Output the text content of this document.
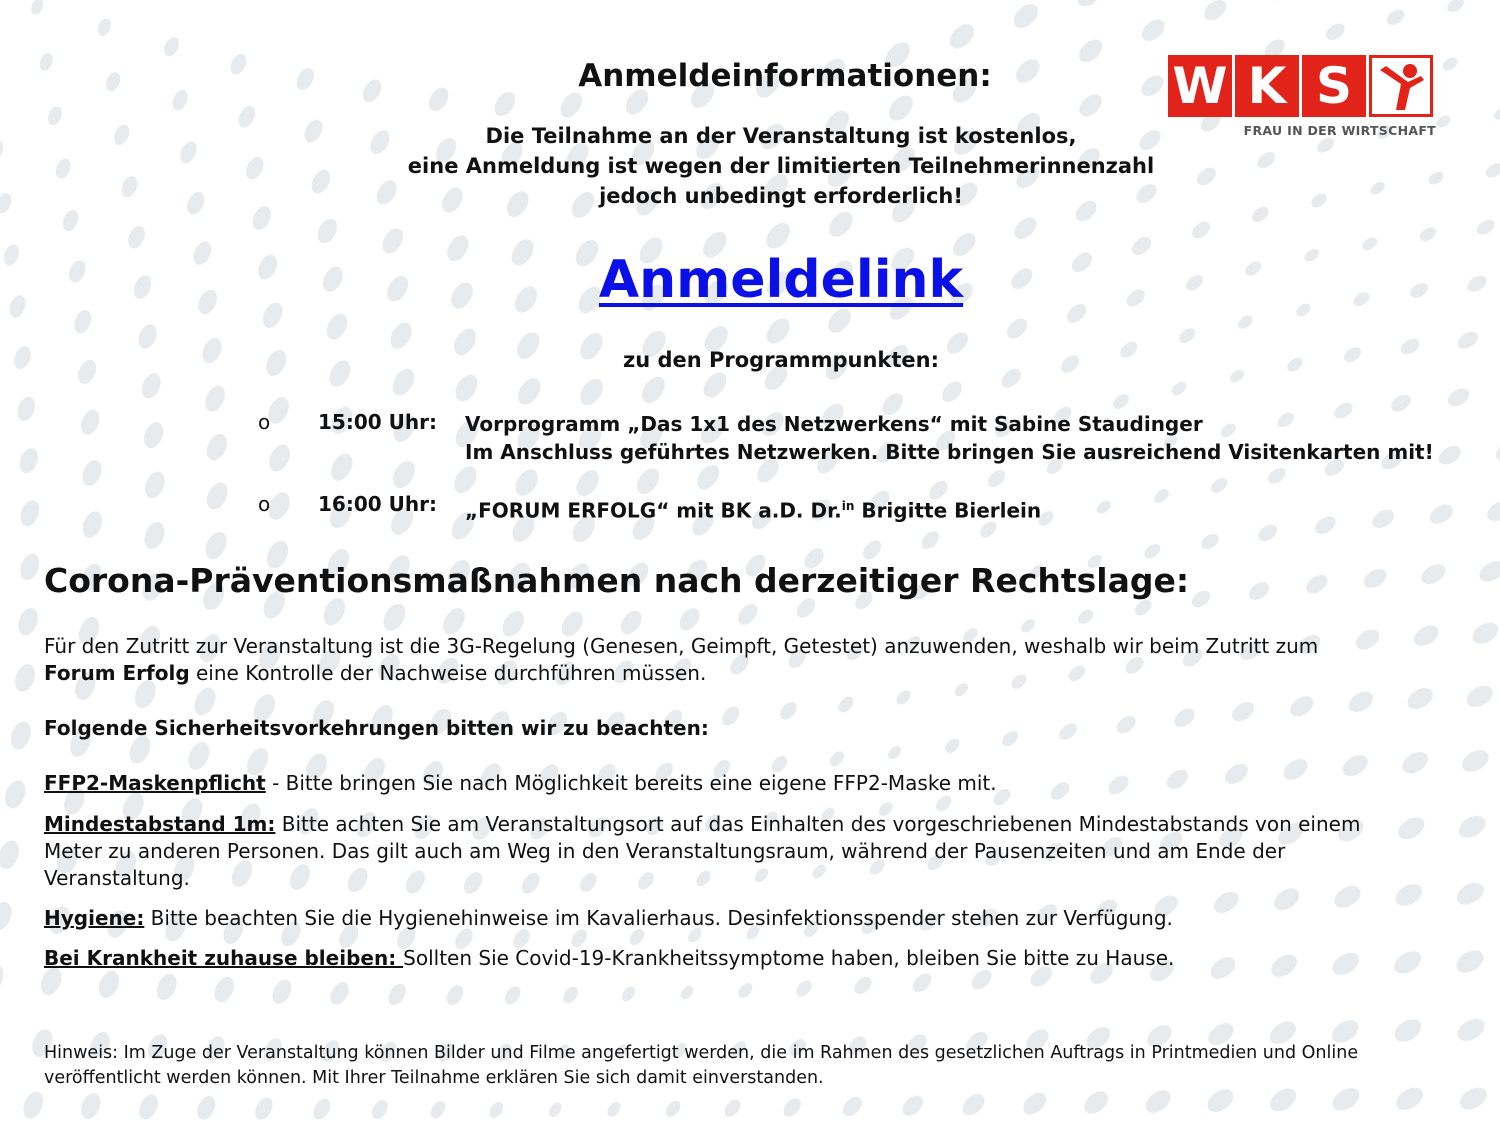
W K S
FRAU IN DER WIRTSCHAFT
Anmeldeinformationen:
Die Teilnahme an der Veranstaltung ist kostenlos,
eine Anmeldung ist wegen der limitierten Teilnehmerinnenzahl
jedoch unbedingt erforderlich!
Anmeldelink
zu den Programmpunkten:
o 15:00 Uhr: Vorprogramm „Das 1x1 des Netzwerkens“ mit Sabine Staudinger
Im Anschluss geführtes Netzwerken. Bitte bringen Sie ausreichend Visitenkarten mit!
o 16:00 Uhr: „FORUM ERFOLG“ mit BK a.D. Dr.$^{in}$ Brigitte Bierlein
Corona-Präventionsmaßnahmen nach derzeitiger Rechtslage:
Für den Zutritt zur Veranstaltung ist die 3G-Regelung (Genesen, Geimpft, Getestet) anzuwenden, weshalb wir beim Zutritt zum
Forum Erfolg eine Kontrolle der Nachweise durchführen müssen.
Folgende Sicherheitsvorkehrungen bitten wir zu beachten:
FFP2-Maskenpflicht - Bitte bringen Sie nach Möglichkeit bereits eine eigene FFP2-Maske mit.
Mindestabstand 1m: Bitte achten Sie am Veranstaltungsort auf das Einhalten des vorgeschriebenen Mindestabstands von einem Meter zu anderen Personen. Das gilt auch am Weg in den Veranstaltungsraum, während der Pausenzeiten und am Ende der Veranstaltung.
Hygiene: Bitte beachten Sie die Hygienehinweise im Kavalierhaus. Desinfektionsspender stehen zur Verfügung.
Bei Krankheit zuhause bleiben: Sollten Sie Covid-19-Krankheitssymptome haben, bleiben Sie bitte zu Hause.
Hinweis: Im Zuge der Veranstaltung können Bilder und Filme angefertigt werden, die im Rahmen des gesetzlichen Auftrags in Printmedien und Online veröffentlicht werden können. Mit Ihrer Teilnahme erklären Sie sich damit einverstanden.
